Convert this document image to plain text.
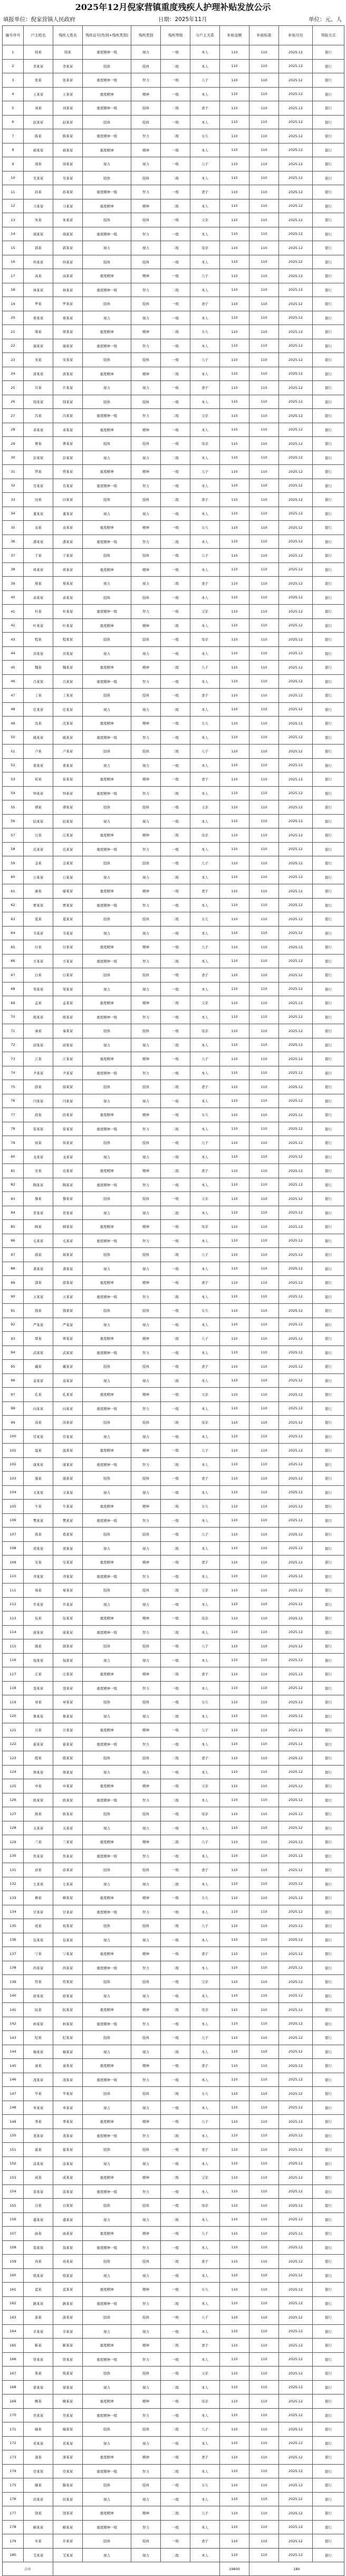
2025年12月倪家营镇重度残疾人护理补贴发放公示
填报单位：倪家营镇人民政府	日期：2025年11月	单位：元、人
编号序号	户主姓名	残疾人姓名	残疾证号(性别+残疾类别)	残疾类别	残疾等级	与户主关系	补贴金额	补贴标准	补贴月份	领取方式
1	韩某	韩某	重度精神一级	视力	一级	本人	110	110	2025.12	银行
2	李某某	李某某	肢体	肢体	二级	本人	110	110	2025.12	银行
3	张某	张某某	重度精神一级	智力	一级	儿子	110	110	2025.12	银行
4	王某某	王某某	重度精神	精神	一级	本人	110	110	2025.12	银行
5	刘某	刘某某	重度精神一级	肢体	二级	妻子	110	110	2025.12	银行
6	赵某某	赵某某	肢体	肢体	一级	本人	110	110	2025.12	银行
7	陈某	陈某某	重度精神一级	智力	二级	女儿	110	110	2025.12	银行
8	杨某某	杨某某	重度精神	精神	一级	本人	110	110	2025.12	银行
9	周某	周某某	视力	视力	一级	儿子	110	110	2025.12	银行
10	吴某某	吴某某	肢体	肢体	二级	本人	110	110	2025.12	银行
11	孙某	孙某某	重度精神一级	智力	一级	妻子	110	110	2025.12	银行
12	马某某	马某某	重度精神	精神	二级	本人	110	110	2025.12	银行
13	朱某	朱某某	肢体	肢体	一级	父亲	110	110	2025.12	银行
14	胡某某	胡某某	重度精神一级	智力	一级	本人	110	110	2025.12	银行
15	郭某	郭某某	视力	视力	二级	母亲	110	110	2025.12	银行
16	何某某	何某某	肢体	肢体	一级	本人	110	110	2025.12	银行
17	高某	高某某	重度精神	精神	一级	儿子	110	110	2025.12	银行
18	林某某	林某某	重度精神一级	智力	二级	本人	110	110	2025.12	银行
19	罗某	罗某某	肢体	肢体	一级	妻子	110	110	2025.12	银行
20	郑某某	郑某某	视力	视力	一级	本人	110	110	2025.12	银行
21	梁某	梁某某	重度精神	精神	二级	女儿	110	110	2025.12	银行
22	谢某某	谢某某	重度精神一级	智力	一级	本人	110	110	2025.12	银行
23	宋某	宋某某	肢体	肢体	一级	儿子	110	110	2025.12	银行
24	唐某某	唐某某	重度精神	精神	二级	本人	110	110	2025.12	银行
25	许某	许某某	视力	视力	一级	妻子	110	110	2025.12	银行
26	韩某某	韩某某	肢体	肢体	一级	本人	110	110	2025.12	银行
27	冯某	冯某某	重度精神一级	智力	二级	父亲	110	110	2025.12	银行
28	邓某某	邓某某	重度精神	精神	一级	本人	110	110	2025.12	银行
29	曹某	曹某某	肢体	肢体	一级	母亲	110	110	2025.12	银行
30	彭某某	彭某某	视力	视力	二级	本人	110	110	2025.12	银行
31	曾某	曾某某	重度精神	精神	一级	儿子	110	110	2025.12	银行
32	肖某某	肖某某	重度精神一级	智力	一级	本人	110	110	2025.12	银行
33	田某	田某某	肢体	肢体	二级	妻子	110	110	2025.12	银行
34	董某某	董某某	视力	视力	一级	本人	110	110	2025.12	银行
35	袁某	袁某某	重度精神	精神	一级	女儿	110	110	2025.12	银行
36	潘某某	潘某某	重度精神一级	智力	二级	本人	110	110	2025.12	银行
37	于某	于某某	肢体	肢体	一级	儿子	110	110	2025.12	银行
38	蒋某某	蒋某某	重度精神	精神	一级	本人	110	110	2025.12	银行
39	蔡某	蔡某某	视力	视力	二级	妻子	110	110	2025.12	银行
40	余某某	余某某	肢体	肢体	一级	本人	110	110	2025.12	银行
41	杜某	杜某某	重度精神一级	智力	一级	父亲	110	110	2025.12	银行
42	叶某某	叶某某	重度精神	精神	二级	本人	110	110	2025.12	银行
43	程某	程某某	肢体	肢体	一级	母亲	110	110	2025.12	银行
44	苏某某	苏某某	视力	视力	一级	本人	110	110	2025.12	银行
45	魏某	魏某某	重度精神	精神	二级	儿子	110	110	2025.12	银行
46	吕某某	吕某某	重度精神一级	智力	一级	本人	110	110	2025.12	银行
47	丁某	丁某某	肢体	肢体	一级	妻子	110	110	2025.12	银行
48	任某某	任某某	视力	视力	二级	本人	110	110	2025.12	银行
49	沈某	沈某某	重度精神	精神	一级	女儿	110	110	2025.12	银行
50	姚某某	姚某某	重度精神一级	智力	一级	本人	110	110	2025.12	银行
51	卢某	卢某某	肢体	肢体	二级	儿子	110	110	2025.12	银行
52	姜某某	姜某某	视力	视力	一级	本人	110	110	2025.12	银行
53	崔某	崔某某	重度精神	精神	一级	妻子	110	110	2025.12	银行
54	钟某某	钟某某	重度精神一级	智力	二级	本人	110	110	2025.12	银行
55	谭某	谭某某	肢体	肢体	一级	父亲	110	110	2025.12	银行
56	陆某某	陆某某	视力	视力	一级	本人	110	110	2025.12	银行
57	汪某	汪某某	重度精神	精神	二级	母亲	110	110	2025.12	银行
58	范某某	范某某	重度精神一级	智力	一级	本人	110	110	2025.12	银行
59	金某	金某某	肢体	肢体	一级	儿子	110	110	2025.12	银行
60	石某某	石某某	视力	视力	二级	本人	110	110	2025.12	银行
61	廖某	廖某某	重度精神	精神	一级	妻子	110	110	2025.12	银行
62	贾某某	贾某某	重度精神一级	智力	一级	本人	110	110	2025.12	银行
63	夏某	夏某某	肢体	肢体	二级	女儿	110	110	2025.12	银行
64	韦某某	韦某某	视力	视力	一级	本人	110	110	2025.12	银行
65	付某	付某某	重度精神	精神	一级	儿子	110	110	2025.12	银行
66	方某某	方某某	重度精神一级	智力	二级	本人	110	110	2025.12	银行
67	白某	白某某	肢体	肢体	一级	妻子	110	110	2025.12	银行
68	邹某某	邹某某	视力	视力	一级	本人	110	110	2025.12	银行
69	孟某	孟某某	重度精神	精神	二级	父亲	110	110	2025.12	银行
70	熊某某	熊某某	重度精神一级	智力	一级	本人	110	110	2025.12	银行
71	秦某	秦某某	肢体	肢体	一级	母亲	110	110	2025.12	银行
72	邱某某	邱某某	视力	视力	二级	本人	110	110	2025.12	银行
73	江某	江某某	重度精神	精神	一级	儿子	110	110	2025.12	银行
74	尹某某	尹某某	重度精神一级	智力	一级	本人	110	110	2025.12	银行
75	薛某	薛某某	肢体	肢体	二级	妻子	110	110	2025.12	银行
76	闫某某	闫某某	视力	视力	一级	本人	110	110	2025.12	银行
77	段某	段某某	重度精神	精神	一级	女儿	110	110	2025.12	银行
78	雷某某	雷某某	重度精神一级	智力	二级	本人	110	110	2025.12	银行
79	侯某	侯某某	肢体	肢体	一级	儿子	110	110	2025.12	银行
80	龙某某	龙某某	视力	视力	一级	本人	110	110	2025.12	银行
81	史某	史某某	重度精神	精神	二级	妻子	110	110	2025.12	银行
82	陶某某	陶某某	重度精神一级	智力	一级	本人	110	110	2025.12	银行
83	黎某	黎某某	肢体	肢体	一级	父亲	110	110	2025.12	银行
84	贺某某	贺某某	视力	视力	二级	本人	110	110	2025.12	银行
85	顾某	顾某某	重度精神	精神	一级	母亲	110	110	2025.12	银行
86	毛某某	毛某某	重度精神一级	智力	一级	本人	110	110	2025.12	银行
87	郝某	郝某某	肢体	肢体	二级	儿子	110	110	2025.12	银行
88	龚某某	龚某某	视力	视力	一级	本人	110	110	2025.12	银行
89	邵某	邵某某	重度精神	精神	一级	妻子	110	110	2025.12	银行
90	万某某	万某某	重度精神一级	智力	二级	本人	110	110	2025.12	银行
91	钱某	钱某某	肢体	肢体	一级	女儿	110	110	2025.12	银行
92	严某某	严某某	视力	视力	一级	本人	110	110	2025.12	银行
93	覃某	覃某某	重度精神	精神	二级	儿子	110	110	2025.12	银行
94	武某某	武某某	重度精神一级	智力	一级	本人	110	110	2025.12	银行
95	戴某	戴某某	肢体	肢体	一级	妻子	110	110	2025.12	银行
96	莫某某	莫某某	视力	视力	二级	本人	110	110	2025.12	银行
97	孔某	孔某某	重度精神	精神	一级	父亲	110	110	2025.12	银行
98	向某某	向某某	重度精神一级	智力	一级	本人	110	110	2025.12	银行
99	汤某	汤某某	肢体	肢体	二级	母亲	110	110	2025.12	银行
100	常某某	常某某	视力	视力	一级	本人	110	110	2025.12	银行
101	温某	温某某	重度精神	精神	一级	儿子	110	110	2025.12	银行
102	康某某	康某某	重度精神一级	智力	二级	本人	110	110	2025.12	银行
103	施某	施某某	肢体	肢体	一级	妻子	110	110	2025.12	银行
104	文某某	文某某	视力	视力	一级	本人	110	110	2025.12	银行
105	牛某	牛某某	重度精神	精神	二级	女儿	110	110	2025.12	银行
106	樊某某	樊某某	重度精神一级	智力	一级	本人	110	110	2025.12	银行
107	葛某	葛某某	肢体	肢体	一级	儿子	110	110	2025.12	银行
108	邢某某	邢某某	视力	视力	二级	本人	110	110	2025.12	银行
109	安某	安某某	重度精神	精神	一级	妻子	110	110	2025.12	银行
110	齐某某	齐某某	重度精神一级	智力	一级	本人	110	110	2025.12	银行
111	易某	易某某	肢体	肢体	二级	父亲	110	110	2025.12	银行
112	乔某某	乔某某	视力	视力	一级	本人	110	110	2025.12	银行
113	伍某	伍某某	重度精神	精神	一级	母亲	110	110	2025.12	银行
114	庞某某	庞某某	重度精神一级	智力	二级	本人	110	110	2025.12	银行
115	颜某	颜某某	肢体	肢体	一级	儿子	110	110	2025.12	银行
116	倪某某	倪某某	视力	视力	一级	本人	110	110	2025.12	银行
117	庄某	庄某某	重度精神	精神	二级	妻子	110	110	2025.12	银行
118	聂某某	聂某某	重度精神一级	智力	一级	本人	110	110	2025.12	银行
119	章某	章某某	肢体	肢体	一级	女儿	110	110	2025.12	银行
120	鲁某某	鲁某某	视力	视力	二级	本人	110	110	2025.12	银行
121	岳某	岳某某	重度精神	精神	一级	儿子	110	110	2025.12	银行
122	翟某某	翟某某	重度精神一级	智力	一级	本人	110	110	2025.12	银行
123	殷某	殷某某	肢体	肢体	二级	妻子	110	110	2025.12	银行
124	詹某某	詹某某	视力	视力	一级	本人	110	110	2025.12	银行
125	申某	申某某	重度精神	精神	一级	父亲	110	110	2025.12	银行
126	欧某某	欧某某	重度精神一级	智力	二级	本人	110	110	2025.12	银行
127	耿某	耿某某	肢体	肢体	一级	母亲	110	110	2025.12	银行
128	关某某	关某某	视力	视力	一级	本人	110	110	2025.12	银行
129	兰某	兰某某	重度精神	精神	二级	儿子	110	110	2025.12	银行
130	焦某某	焦某某	重度精神一级	智力	一级	本人	110	110	2025.12	银行
131	俞某	俞某某	肢体	肢体	一级	妻子	110	110	2025.12	银行
132	左某某	左某某	视力	视力	二级	本人	110	110	2025.12	银行
133	柳某	柳某某	重度精神	精神	一级	女儿	110	110	2025.12	银行
134	甘某某	甘某某	重度精神一级	智力	一级	本人	110	110	2025.12	银行
135	祝某	祝某某	肢体	肢体	二级	儿子	110	110	2025.12	银行
136	包某某	包某某	视力	视力	一级	本人	110	110	2025.12	银行
137	宁某	宁某某	重度精神	精神	一级	妻子	110	110	2025.12	银行
138	尚某某	尚某某	重度精神一级	智力	二级	本人	110	110	2025.12	银行
139	符某	符某某	肢体	肢体	一级	父亲	110	110	2025.12	银行
140	舒某某	舒某某	视力	视力	一级	本人	110	110	2025.12	银行
141	阮某	阮某某	重度精神	精神	二级	母亲	110	110	2025.12	银行
142	柯某某	柯某某	重度精神一级	智力	一级	本人	110	110	2025.12	银行
143	纪某	纪某某	肢体	肢体	一级	儿子	110	110	2025.12	银行
144	梅某某	梅某某	视力	视力	二级	本人	110	110	2025.12	银行
145	童某	童某某	重度精神	精神	一级	妻子	110	110	2025.12	银行
146	凌某某	凌某某	重度精神一级	智力	一级	本人	110	110	2025.12	银行
147	毕某	毕某某	肢体	肢体	二级	女儿	110	110	2025.12	银行
148	单某某	单某某	视力	视力	一级	本人	110	110	2025.12	银行
149	季某	季某某	重度精神	精神	一级	儿子	110	110	2025.12	银行
150	裴某某	裴某某	重度精神一级	智力	二级	本人	110	110	2025.12	银行
151	霍某	霍某某	肢体	肢体	一级	妻子	110	110	2025.12	银行
152	涂某某	涂某某	视力	视力	一级	本人	110	110	2025.12	银行
153	成某	成某某	重度精神	精神	二级	父亲	110	110	2025.12	银行
154	苗某某	苗某某	重度精神一级	智力	一级	本人	110	110	2025.12	银行
155	谷某	谷某某	肢体	肢体	一级	母亲	110	110	2025.12	银行
156	盛某某	盛某某	视力	视力	二级	本人	110	110	2025.12	银行
157	曲某	曲某某	重度精神	精神	一级	儿子	110	110	2025.12	银行
158	翁某某	翁某某	重度精神一级	智力	一级	本人	110	110	2025.12	银行
159	冉某	冉某某	肢体	肢体	二级	妻子	110	110	2025.12	银行
160	骆某某	骆某某	视力	视力	一级	本人	110	110	2025.12	银行
161	蓝某	蓝某某	重度精神	精神	一级	女儿	110	110	2025.12	银行
162	路某某	路某某	重度精神一级	智力	二级	本人	110	110	2025.12	银行
163	游某	游某某	肢体	肢体	一级	儿子	110	110	2025.12	银行
164	辛某某	辛某某	视力	视力	一级	本人	110	110	2025.12	银行
165	靳某	靳某某	重度精神	精神	二级	妻子	110	110	2025.12	银行
166	管某某	管某某	重度精神一级	智力	一级	本人	110	110	2025.12	银行
167	柴某	柴某某	肢体	肢体	一级	父亲	110	110	2025.12	银行
168	蒙某某	蒙某某	视力	视力	二级	本人	110	110	2025.12	银行
169	鲍某	鲍某某	重度精神	精神	一级	母亲	110	110	2025.12	银行
170	华某某	华某某	重度精神一级	智力	一级	本人	110	110	2025.12	银行
171	喻某	喻某某	肢体	肢体	二级	儿子	110	110	2025.12	银行
172	祁某某	祁某某	视力	视力	一级	本人	110	110	2025.12	银行
173	蒲某	蒲某某	重度精神	精神	一级	妻子	110	110	2025.12	银行
174	房某某	房某某	重度精神一级	智力	二级	本人	110	110	2025.12	银行
175	滕某	滕某某	肢体	肢体	一级	女儿	110	110	2025.12	银行
176	屈某某	屈某某	视力	视力	一级	本人	110	110	2025.12	银行
177	饶某	饶某某	重度精神	精神	二级	儿子	110	110	2025.12	银行
178	解某某	解某某	重度精神一级	智力	一级	本人	110	110	2025.12	银行
179	牟某	牟某某	肢体	肢体	一级	妻子	110	110	2025.12	银行
180	艾某某	艾某某	视力	视力	二级	本人	110	110	2025.12	银行
合计							19800	180		
